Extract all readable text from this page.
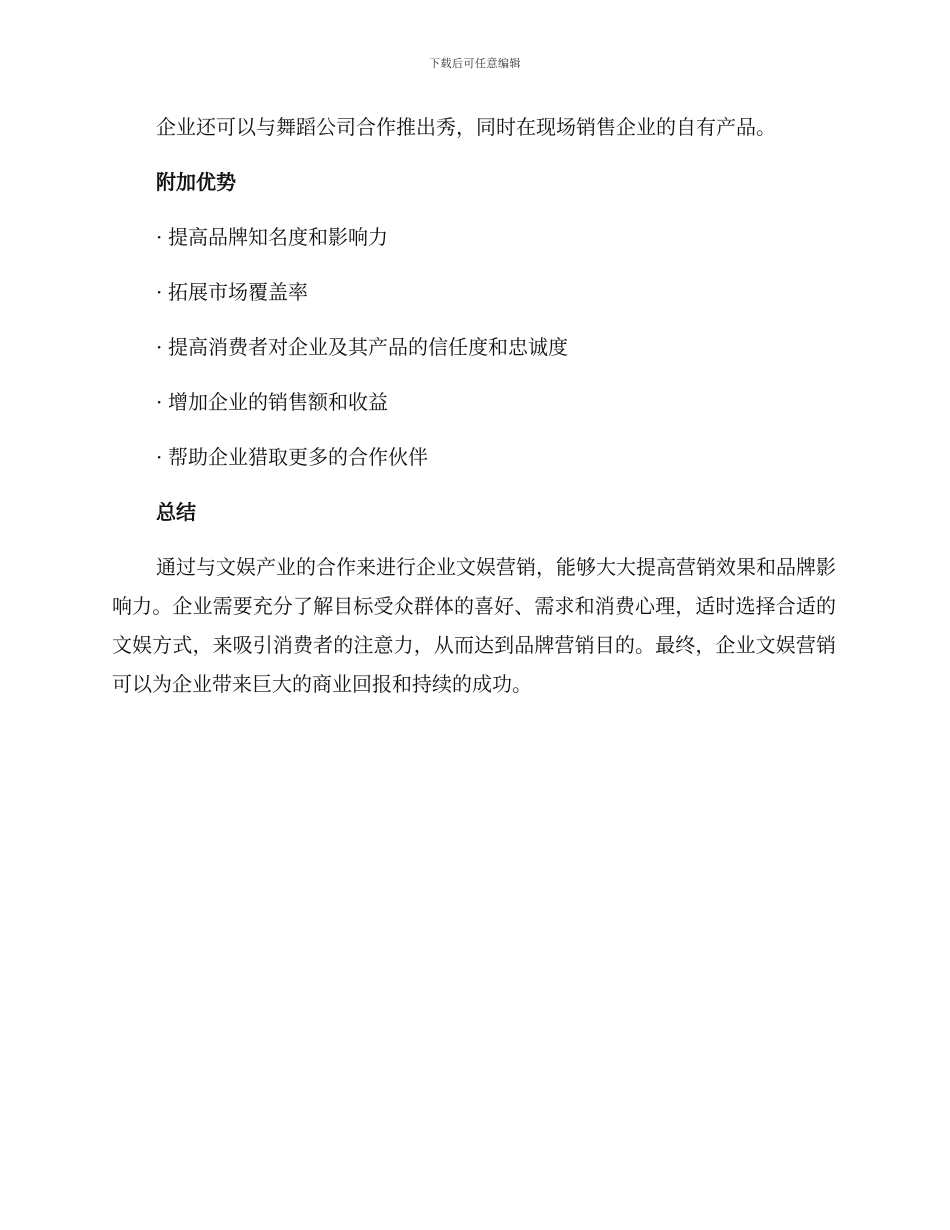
下载后可任意编辑

企业还可以与舞蹈公司合作推出秀，同时在现场销售企业的自有产品。

附加优势
· 提高品牌知名度和影响力
· 拓展市场覆盖率
· 提高消费者对企业及其产品的信任度和忠诚度
· 增加企业的销售额和收益
· 帮助企业猎取更多的合作伙伴
总结

通过与文娱产业的合作来进行企业文娱营销，能够大大提高营销效果和品牌影响力。企业需要充分了解目标受众群体的喜好、需求和消费心理，适时选择合适的文娱方式，来吸引消费者的注意力，从而达到品牌营销目的。最终，企业文娱营销可以为企业带来巨大的商业回报和持续的成功。
